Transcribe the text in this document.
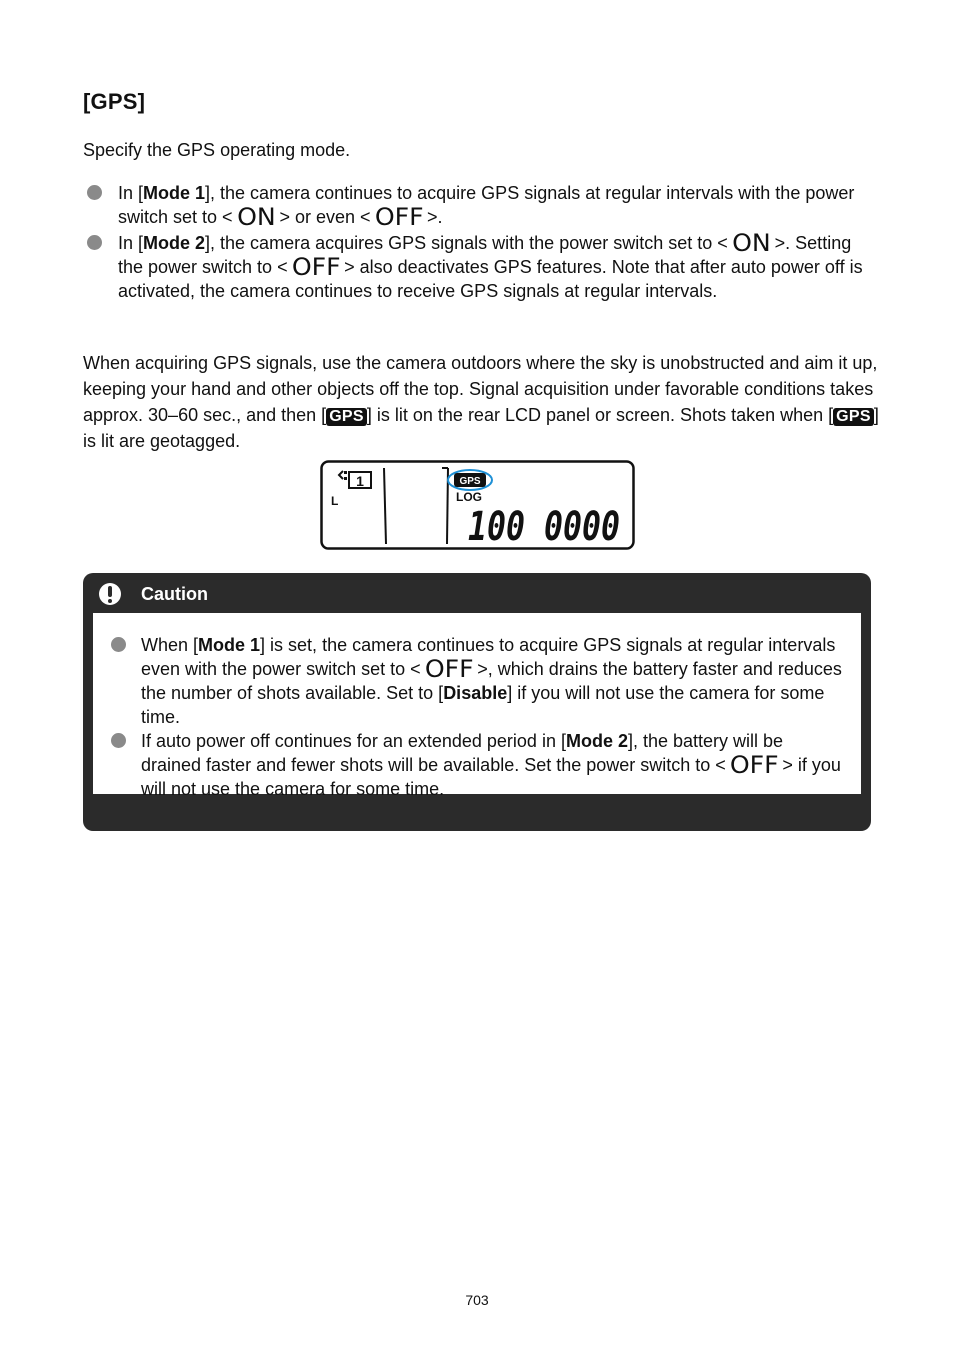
[GPS]

Specify the GPS operating mode.

In [Mode 1], the camera continues to acquire GPS signals at regular intervals with the power switch set to < ON > or even < OFF >.
In [Mode 2], the camera acquires GPS signals with the power switch set to < ON >. Setting the power switch to < OFF > also deactivates GPS features. Note that after auto power off is activated, the camera continues to receive GPS signals at regular intervals.

When acquiring GPS signals, use the camera outdoors where the sky is unobstructed and aim it up, keeping your hand and other objects off the top. Signal acquisition under favorable conditions takes approx. 30–60 sec., and then [ GPS ] is lit on the rear LCD panel or screen. Shots taken when [ GPS ] is lit are geotagged.

1
L
GPS
LOG
100 0000
Caution
When [Mode 1] is set, the camera continues to acquire GPS signals at regular intervals even with the power switch set to < OFF >, which drains the battery faster and reduces the number of shots available. Set to [Disable] if you will not use the camera for some time.
If auto power off continues for an extended period in [Mode 2], the battery will be drained faster and fewer shots will be available. Set the power switch to < OFF > if you will not use the camera for some time.
703
